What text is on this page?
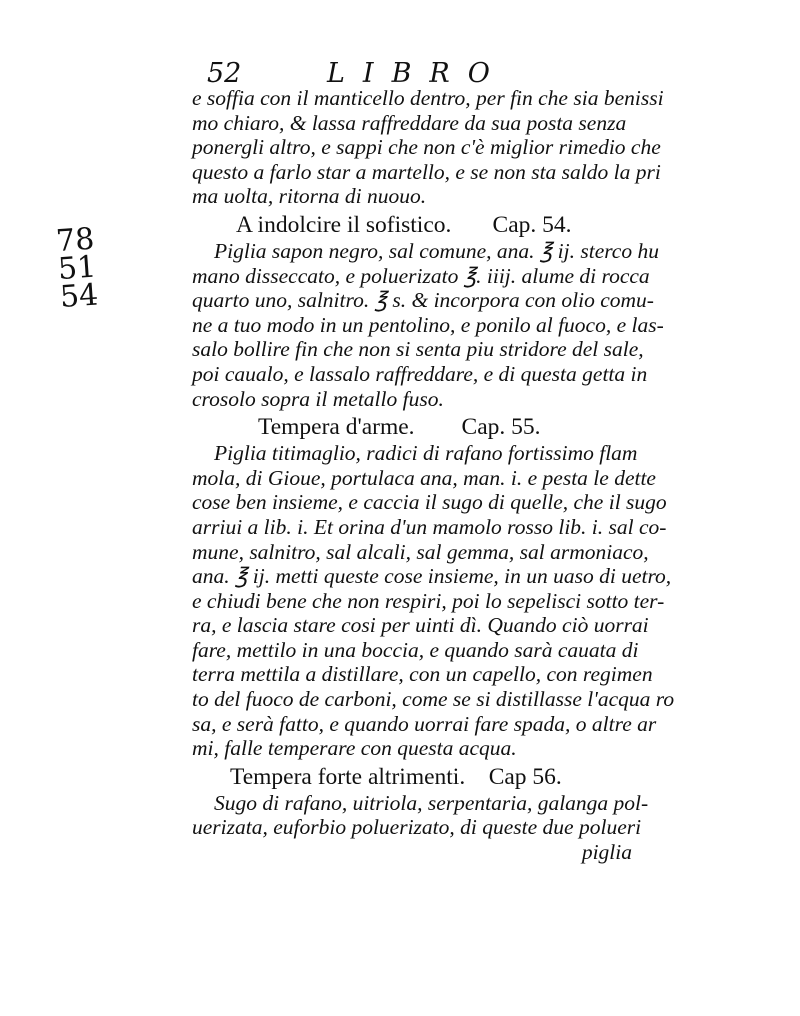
52	LIBRO
78
51
54
e soffia con il manticello dentro, per fin che sia benissi
mo chiaro, & lassa raffreddare da sua posta senza
ponergli altro, e sappi che non c'è miglior rimedio che
questo a farlo star a martello, e se non sta saldo la pri
ma uolta, ritorna di nuouo.
A indolcire il sofistico.       Cap. 54.
Piglia sapon negro, sal comune, ana. ℥ ij. sterco hu
mano disseccato, e poluerizato ℥. iiij. alume di rocca
quarto uno, salnitro. ℥ s. & incorpora con olio comu-
ne a tuo modo in un pentolino, e ponilo al fuoco, e las-
salo bollire fin che non si senta piu stridore del sale,
poi caualo, e lassalo raffreddare, e di questa getta in
crosolo sopra il metallo fuso.
Tempera d'arme.        Cap. 55.
Piglia titimaglio, radici di rafano fortissimo flam
mola, di Gioue, portulaca ana, man. i. e pesta le dette
cose ben insieme, e caccia il sugo di quelle, che il sugo
arriui a lib. i. Et orina d'un mamolo rosso lib. i. sal co-
mune, salnitro, sal alcali, sal gemma, sal armoniaco,
ana. ℥ ij. metti queste cose insieme, in un uaso di uetro,
e chiudi bene che non respiri, poi lo sepelisci sotto ter-
ra, e lascia stare cosi per uinti dì. Quando ciò uorrai
fare, mettilo in una boccia, e quando sarà cauata di
terra mettila a distillare, con un capello, con regimen
to del fuoco de carboni, come se si distillasse l'acqua ro
sa, e serà fatto, e quando uorrai fare spada, o altre ar
mi, falle temperare con questa acqua.
Tempera forte altrimenti.    Cap 56.
Sugo di rafano, uitriola, serpentaria, galanga pol-
uerizata, euforbio poluerizato, di queste due polueri
piglia
